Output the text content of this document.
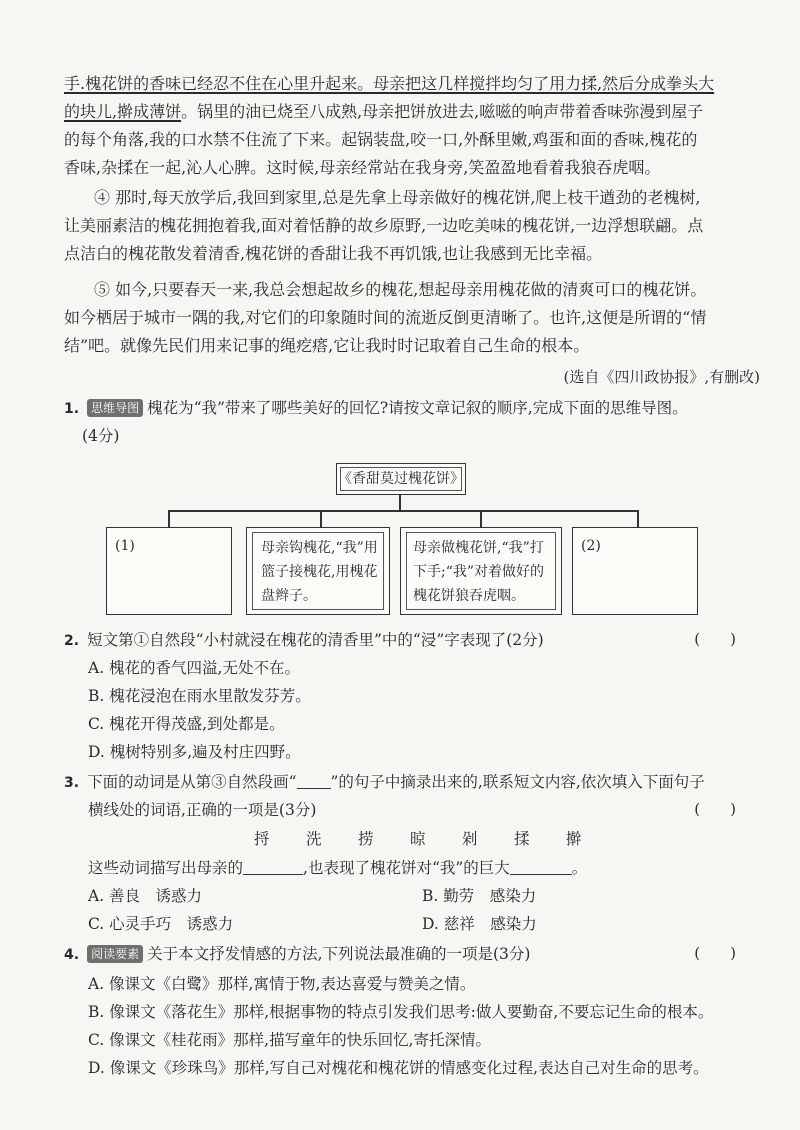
手.槐花饼的香味已经忍不住在心里升起来。母亲把这几样搅拌均匀了用力揉,然后分成拳头大
的块儿,擀成薄饼。锅里的油已烧至八成熟,母亲把饼放进去,嗞嗞的响声带着香味弥漫到屋子
的每个角落,我的口水禁不住流了下来。起锅装盘,咬一口,外酥里嫩,鸡蛋和面的香味,槐花的
香味,杂揉在一起,沁人心脾。这时候,母亲经常站在我身旁,笑盈盈地看着我狼吞虎咽。
④ 那时,每天放学后,我回到家里,总是先拿上母亲做好的槐花饼,爬上枝干遒劲的老槐树,
让美丽素洁的槐花拥抱着我,面对着恬静的故乡原野,一边吃美味的槐花饼,一边浮想联翩。点
点洁白的槐花散发着清香,槐花饼的香甜让我不再饥饿,也让我感到无比幸福。
⑤ 如今,只要春天一来,我总会想起故乡的槐花,想起母亲用槐花做的清爽可口的槐花饼。
如今栖居于城市一隅的我,对它们的印象随时间的流逝反倒更清晰了。也许,这便是所谓的“情
结”吧。就像先民们用来记事的绳疙瘩,它让我时时记取着自己生命的根本。
(选自《四川政协报》,有删改)
1. 思维导图 槐花为“我”带来了哪些美好的回忆?请按文章记叙的顺序,完成下面的思维导图。
(4分)
《香甜莫过槐花饼》
(1)	母亲钩槐花,“我”用篮子接槐花,用槐花盘辫子。
母亲做槐花饼,“我”打下手;“我”对着做好的槐花饼狼吞虎咽。
(2)
2. 短文第①自然段“小村就浸在槐花的清香里”中的“浸”字表现了(2分)	(　　)
A. 槐花的香气四溢,无处不在。
B. 槐花浸泡在雨水里散发芬芳。
C. 槐花开得茂盛,到处都是。
D. 槐树特别多,遍及村庄四野。
3. 下面的动词是从第③自然段画“ ”的句子中摘录出来的,联系短文内容,依次填入下面句子
横线处的词语,正确的一项是(3分)	(　　)
捋 洗 捞 晾 剁 揉 擀
这些动词描写出母亲的	,也表现了槐花饼对“我”的巨大	。
A. 善良　诱惑力	B. 勤劳　感染力
C. 心灵手巧　诱惑力	D. 慈祥　感染力
4. 阅读要素 关于本文抒发情感的方法,下列说法最准确的一项是(3分)	(　　)
A. 像课文《白鹭》那样,寓情于物,表达喜爱与赞美之情。
B. 像课文《落花生》那样,根据事物的特点引发我们思考:做人要勤奋,不要忘记生命的根本。
C. 像课文《桂花雨》那样,描写童年的快乐回忆,寄托深情。
D. 像课文《珍珠鸟》那样,写自己对槐花和槐花饼的情感变化过程,表达自己对生命的思考。
